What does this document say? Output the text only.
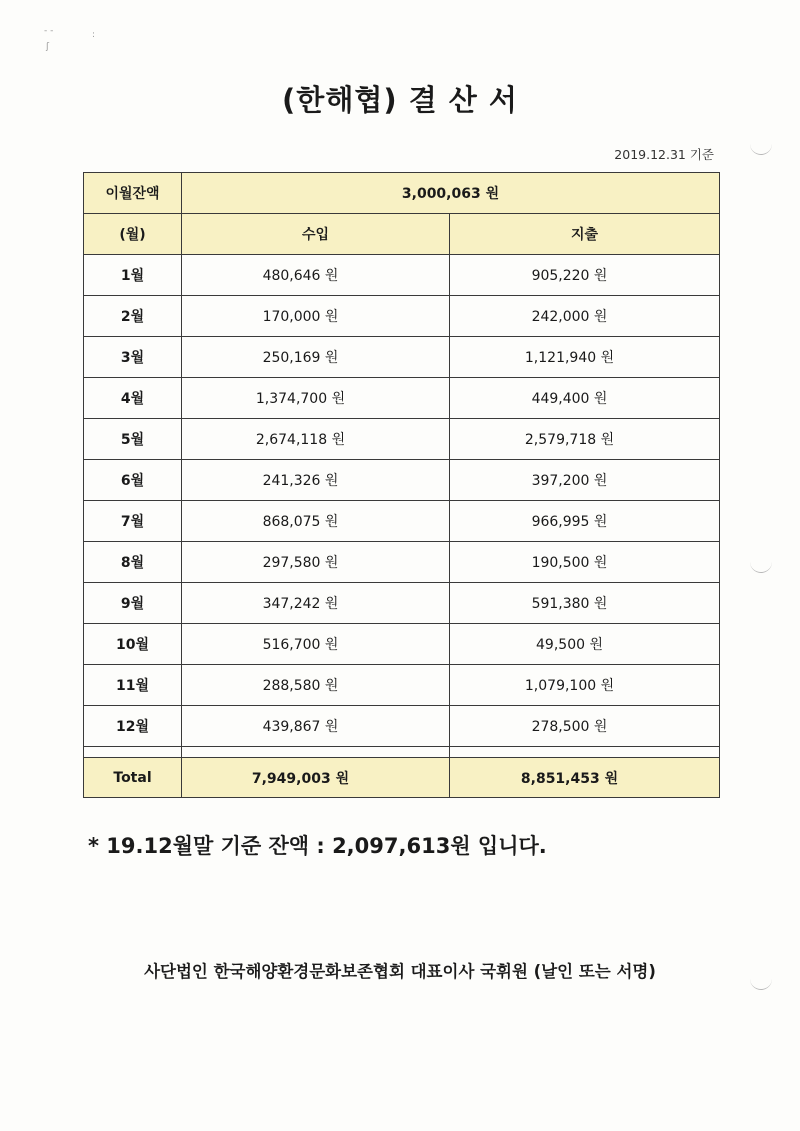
- -
ʃ
:
(한해협) 결 산 서
2019.12.31 기준
이월잔액	3,000,063 원	
(월)	수입	지출
1월	480,646 원	905,220 원
2월	170,000 원	242,000 원
3월	250,169 원	1,121,940 원
4월	1,374,700 원	449,400 원
5월	2,674,118 원	2,579,718 원
6월	241,326 원	397,200 원
7월	868,075 원	966,995 원
8월	297,580 원	190,500 원
9월	347,242 원	591,380 원
10월	516,700 원	49,500 원
11월	288,580 원	1,079,100 원
12월	439,867 원	278,500 원

Total	7,949,003 원	8,851,453 원
* 19.12월말 기준 잔액 : 2,097,613원 입니다.
사단법인 한국해양환경문화보존협회 대표이사 국휘원 (날인 또는 서명)
